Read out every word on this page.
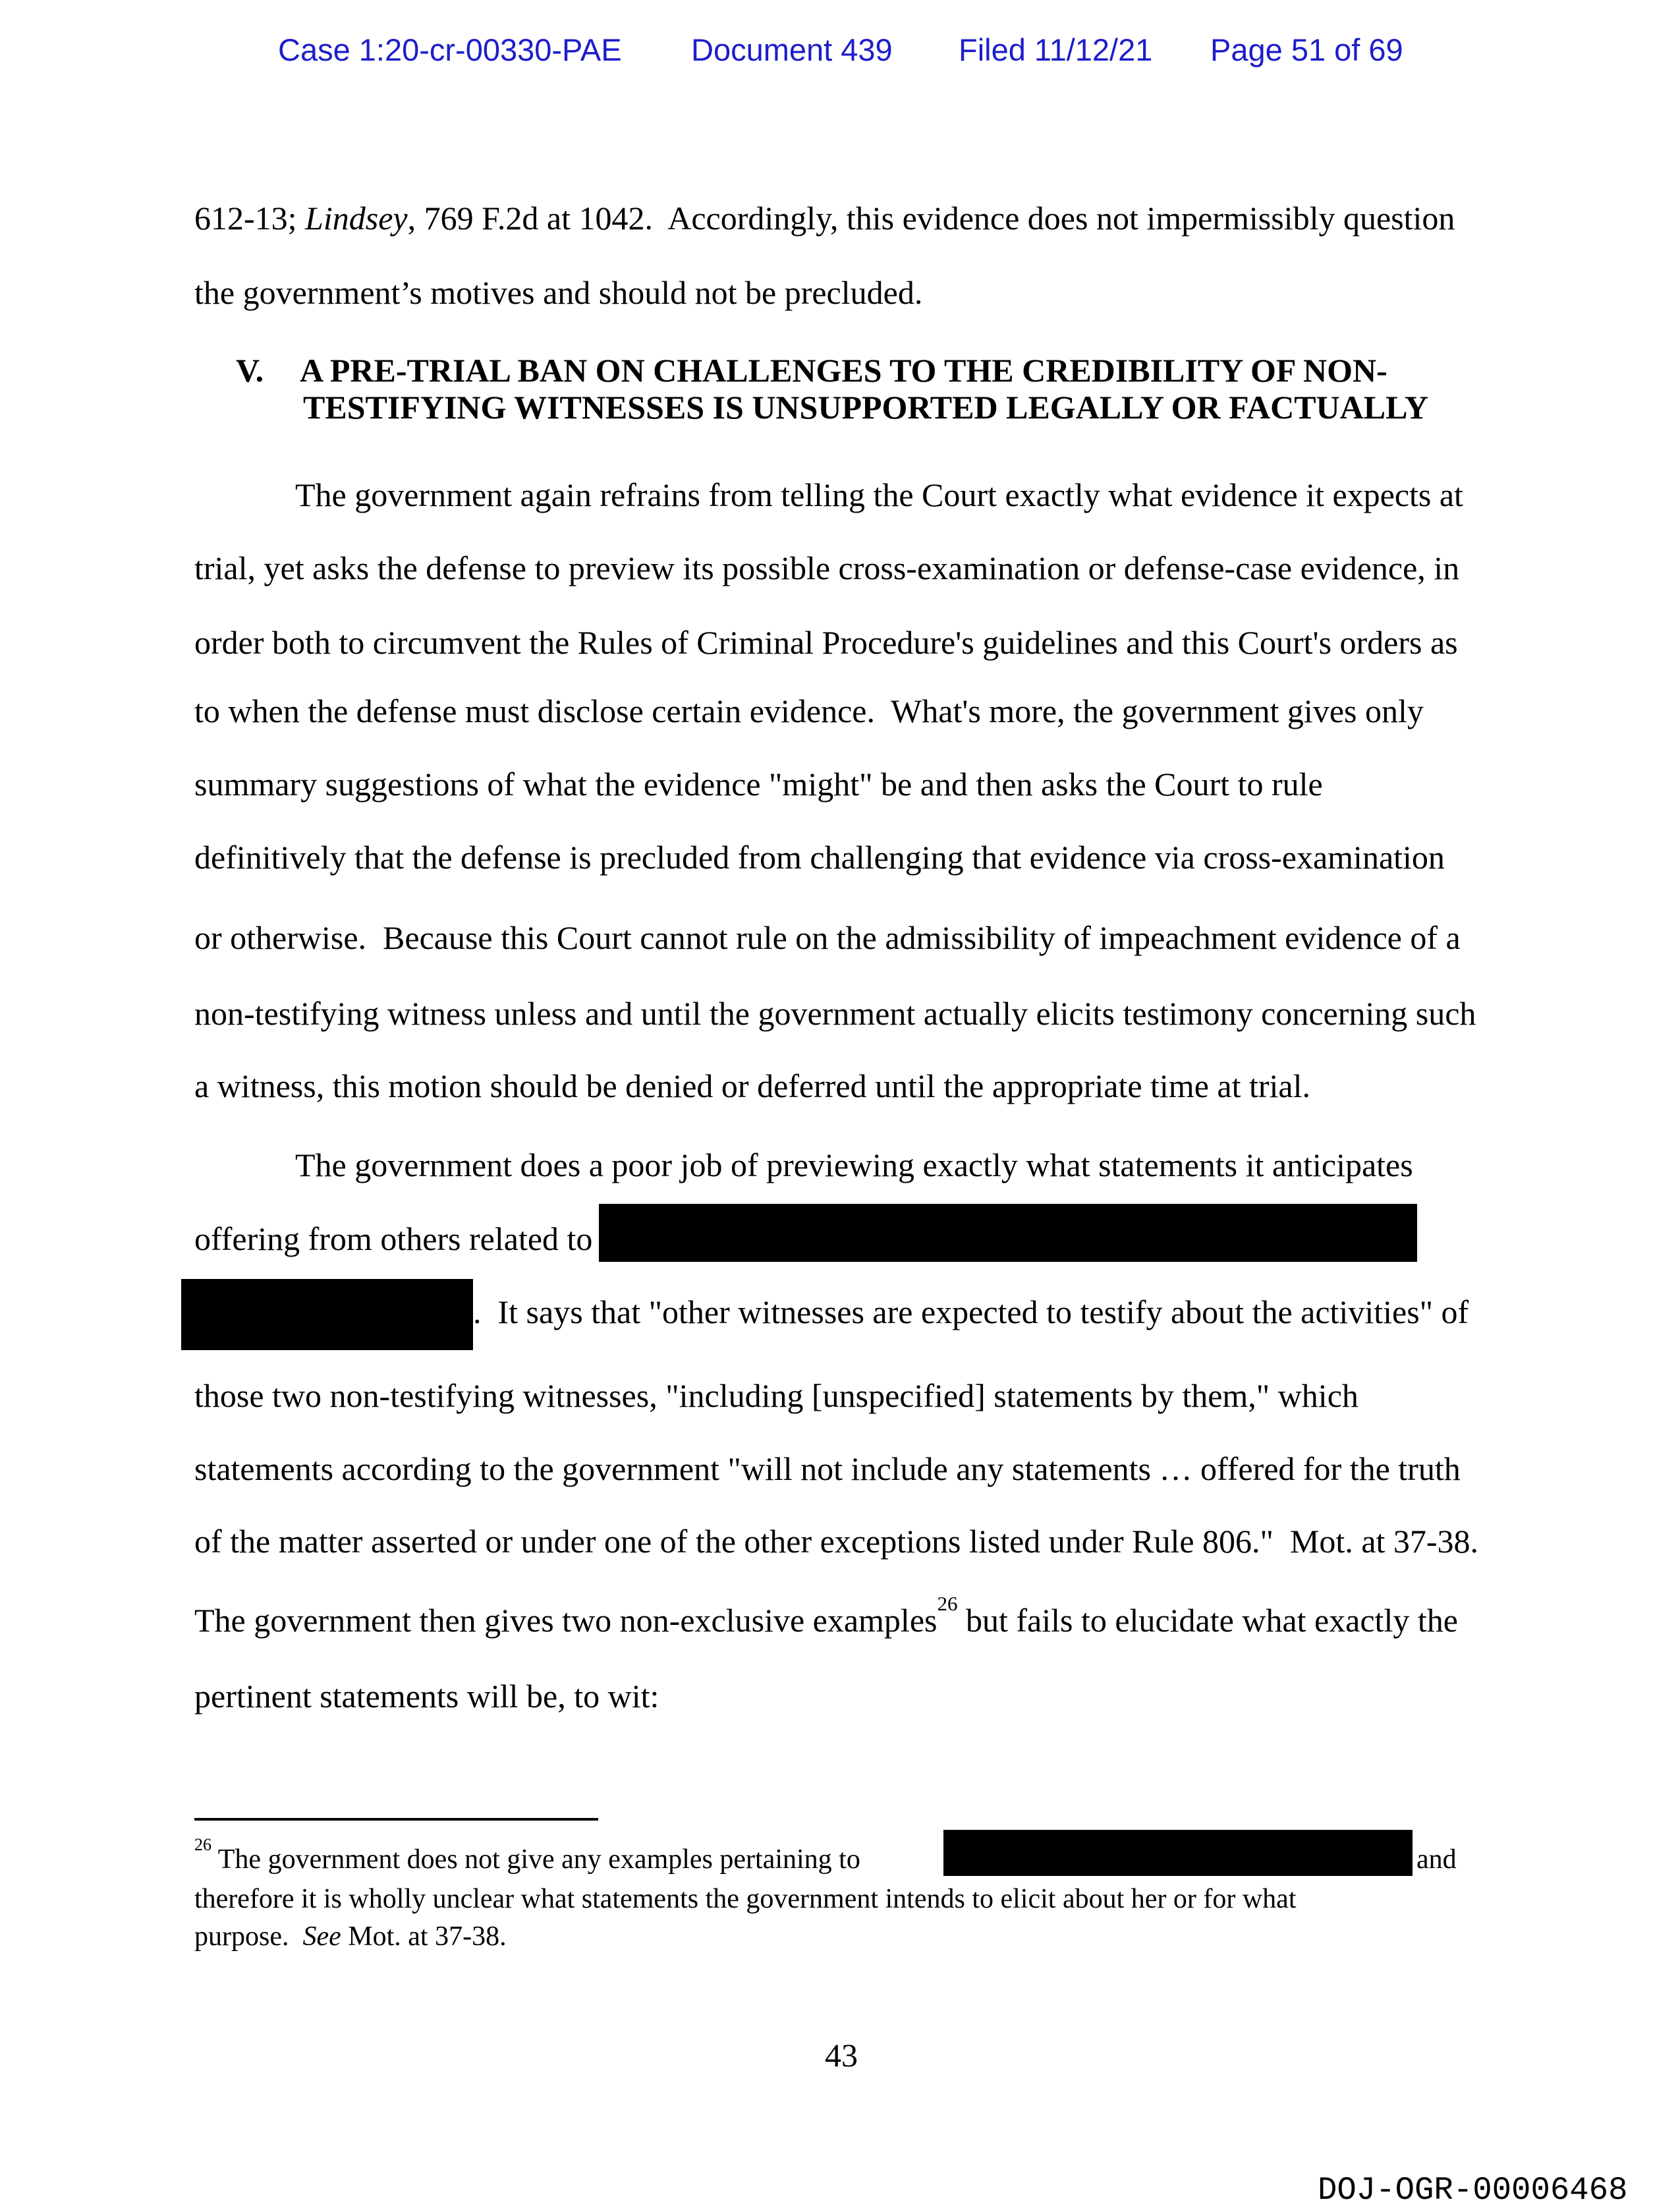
Case 1:20-cr-00330-PAE Document 439 Filed 11/12/21 Page 51 of 69
612-13; Lindsey, 769 F.2d at 1042.  Accordingly, this evidence does not impermissibly question
the government’s motives and should not be precluded.
V. A PRE-TRIAL BAN ON CHALLENGES TO THE CREDIBILITY OF NON-
TESTIFYING WITNESSES IS UNSUPPORTED LEGALLY OR FACTUALLY
The government again refrains from telling the Court exactly what evidence it expects at
trial, yet asks the defense to preview its possible cross-examination or defense-case evidence, in
order both to circumvent the Rules of Criminal Procedure's guidelines and this Court's orders as
to when the defense must disclose certain evidence.  What's more, the government gives only
summary suggestions of what the evidence "might" be and then asks the Court to rule
definitively that the defense is precluded from challenging that evidence via cross-examination
or otherwise.  Because this Court cannot rule on the admissibility of impeachment evidence of a
non-testifying witness unless and until the government actually elicits testimony concerning such
a witness, this motion should be denied or deferred until the appropriate time at trial.
The government does a poor job of previewing exactly what statements it anticipates
offering from others related to
.  It says that "other witnesses are expected to testify about the activities" of
those two non-testifying witnesses, "including [unspecified] statements by them," which
statements according to the government "will not include any statements … offered for the truth
of the matter asserted or under one of the other exceptions listed under Rule 806."  Mot. at 37-38.
The government then gives two non-exclusive examples$^{26}$ but fails to elucidate what exactly the
pertinent statements will be, to wit:
$^{26}$ The government does not give any examples pertaining to	and
therefore it is wholly unclear what statements the government intends to elicit about her or for what
purpose.  See Mot. at 37-38.
43
DOJ-OGR-00006468
